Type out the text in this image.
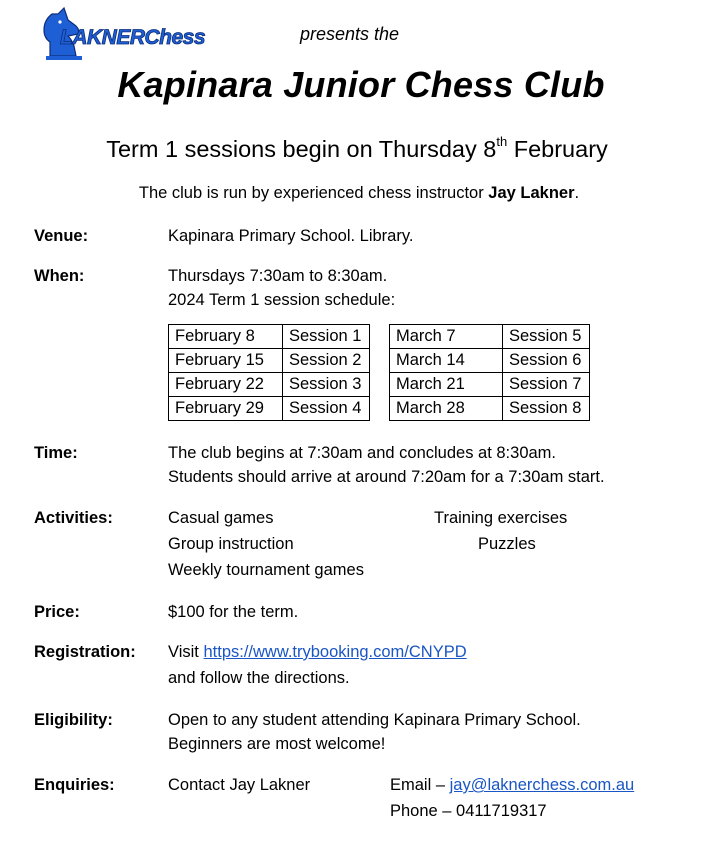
LAKNERChess	presents the
Kapinara Junior Chess Club
Term 1 sessions begin on Thursday 8th February
The club is run by experienced chess instructor Jay Lakner.
Venue:	Kapinara Primary School. Library.
When:	Thursdays 7:30am to 8:30am.
2024 Term 1 session schedule:
February 8	Session 1
February 15	Session 2
February 22	Session 3
February 29	Session 4
March 7	Session 5
March 14	Session 6
March 21	Session 7
March 28	Session 8
Time:	The club begins at 7:30am and concludes at 8:30am.
Students should arrive at around 7:20am for a 7:30am start.
Activities:	Casual games	Training exercises
Group instruction	Puzzles
Weekly tournament games
Price:	$100 for the term.
Registration: Visit https://www.trybooking.com/CNYPD
and follow the directions.
Eligibility:	Open to any student attending Kapinara Primary School.
Beginners are most welcome!
Enquiries:	Contact Jay Lakner	Email – jay@laknerchess.com.au
Phone – 0411719317
